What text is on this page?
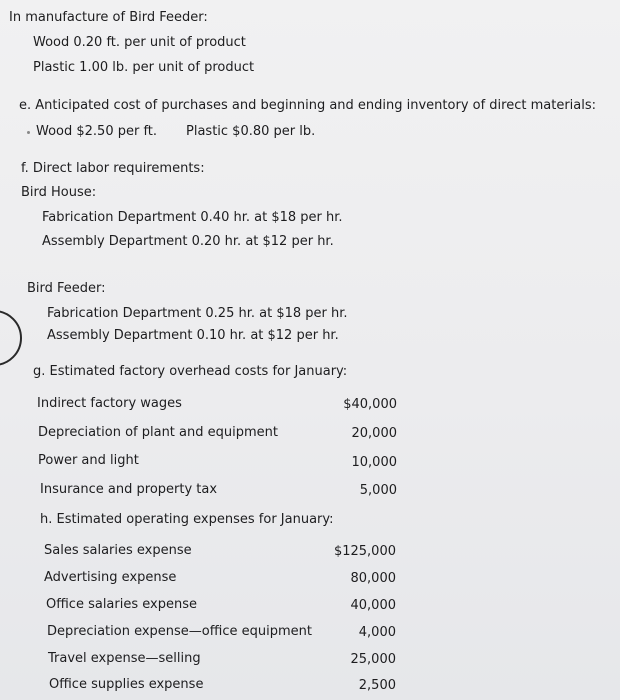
In manufacture of Bird Feeder:
Wood 0.20 ft. per unit of product
Plastic 1.00 lb. per unit of product
e. Anticipated cost of purchases and beginning and ending inventory of direct materials:
Wood $2.50 per ft. Plastic $0.80 per lb.
f. Direct labor requirements:
Bird House:
Fabrication Department 0.40 hr. at $18 per hr.
Assembly Department 0.20 hr. at $12 per hr.
Bird Feeder:
Fabrication Department 0.25 hr. at $18 per hr.
Assembly Department 0.10 hr. at $12 per hr.
g. Estimated factory overhead costs for January:
Indirect factory wages	$40,000
Depreciation of plant and equipment	20,000
Power and light	10,000
Insurance and property tax	5,000
h. Estimated operating expenses for January:
Sales salaries expense	$125,000
Advertising expense	80,000
Office salaries expense	40,000
Depreciation expense—office equipment	4,000
Travel expense—selling	25,000
Office supplies expense	2,500
